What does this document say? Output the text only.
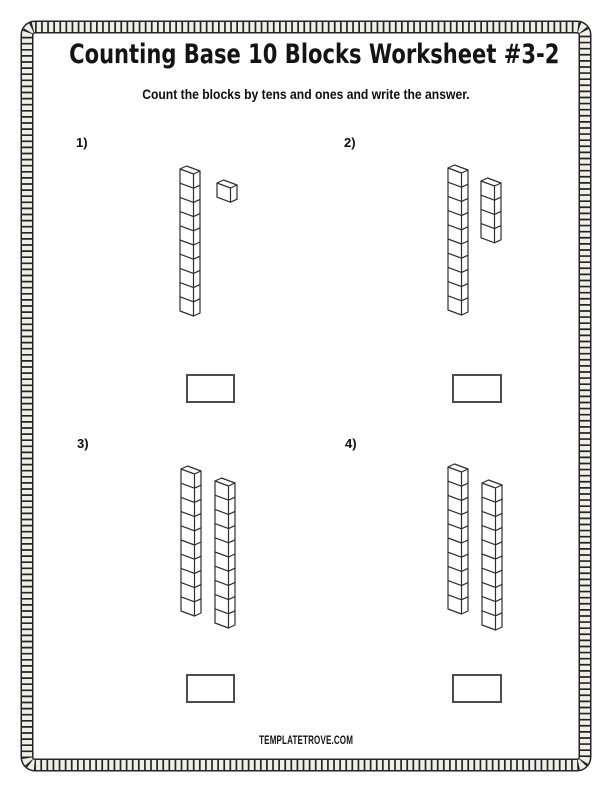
Counting Base 10 Blocks Worksheet #3-2
Count the blocks by tens and ones and write the answer.
1)	2)
3)	4)
TEMPLATETROVE.COM
